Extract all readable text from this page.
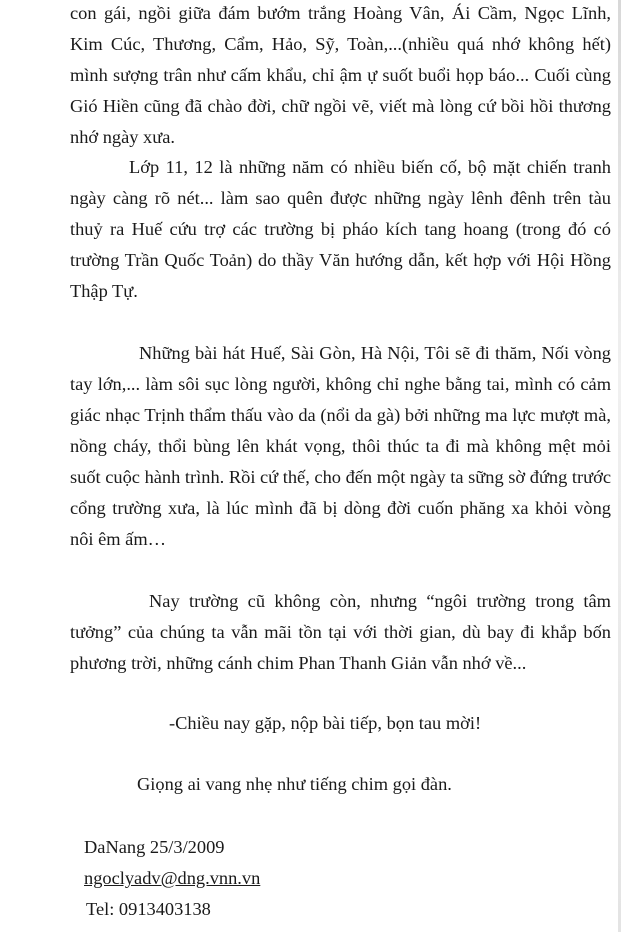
con gái, ngồi giữa đám bướm trắng Hoàng Vân, Ái Cầm, Ngọc Lĩnh,
Kim Cúc, Thương, Cẩm, Hảo, Sỹ, Toàn,...(nhiều quá nhớ không hết)
mình sượng trân như cấm khẩu, chỉ ậm ự suốt buổi họp báo... Cuối cùng
Gió Hiền cũng đã chào đời, chữ ngồi vẽ, viết mà lòng cứ bồi hồi thương
nhớ ngày xưa.
Lớp 11, 12 là những năm có nhiều biến cố, bộ mặt chiến tranh
ngày càng rõ nét... làm sao quên được những ngày lênh đênh trên tàu
thuỷ ra Huế cứu trợ các trường bị pháo kích tang hoang (trong đó có
trường Trần Quốc Toản) do thầy Văn hướng dẫn, kết hợp với Hội Hồng
Thập Tự.
Những bài hát Huế, Sài Gòn, Hà Nội, Tôi sẽ đi thăm, Nối vòng
tay lớn,... làm sôi sục lòng người, không chỉ nghe bằng tai, mình có cảm
giác nhạc Trịnh thẩm thấu vào da (nổi da gà) bởi những ma lực mượt mà,
nồng cháy, thổi bùng lên khát vọng, thôi thúc ta đi mà không mệt mỏi
suốt cuộc hành trình. Rồi cứ thế, cho đến một ngày ta sững sờ đứng trước
cổng trường xưa, là lúc mình đã bị dòng đời cuốn phăng xa khỏi vòng
nôi êm ấm…
Nay trường cũ không còn, nhưng “ngôi trường trong tâm
tưởng” của chúng ta vẫn mãi tồn tại với thời gian, dù bay đi khắp bốn
phương trời, những cánh chim Phan Thanh Giản vẫn nhớ về...
-Chiều nay gặp, nộp bài tiếp, bọn tau mời!
Giọng ai vang nhẹ như tiếng chim gọi đàn.
DaNang 25/3/2009
ngoclyadv@dng.vnn.vn
Tel: 0913403138
